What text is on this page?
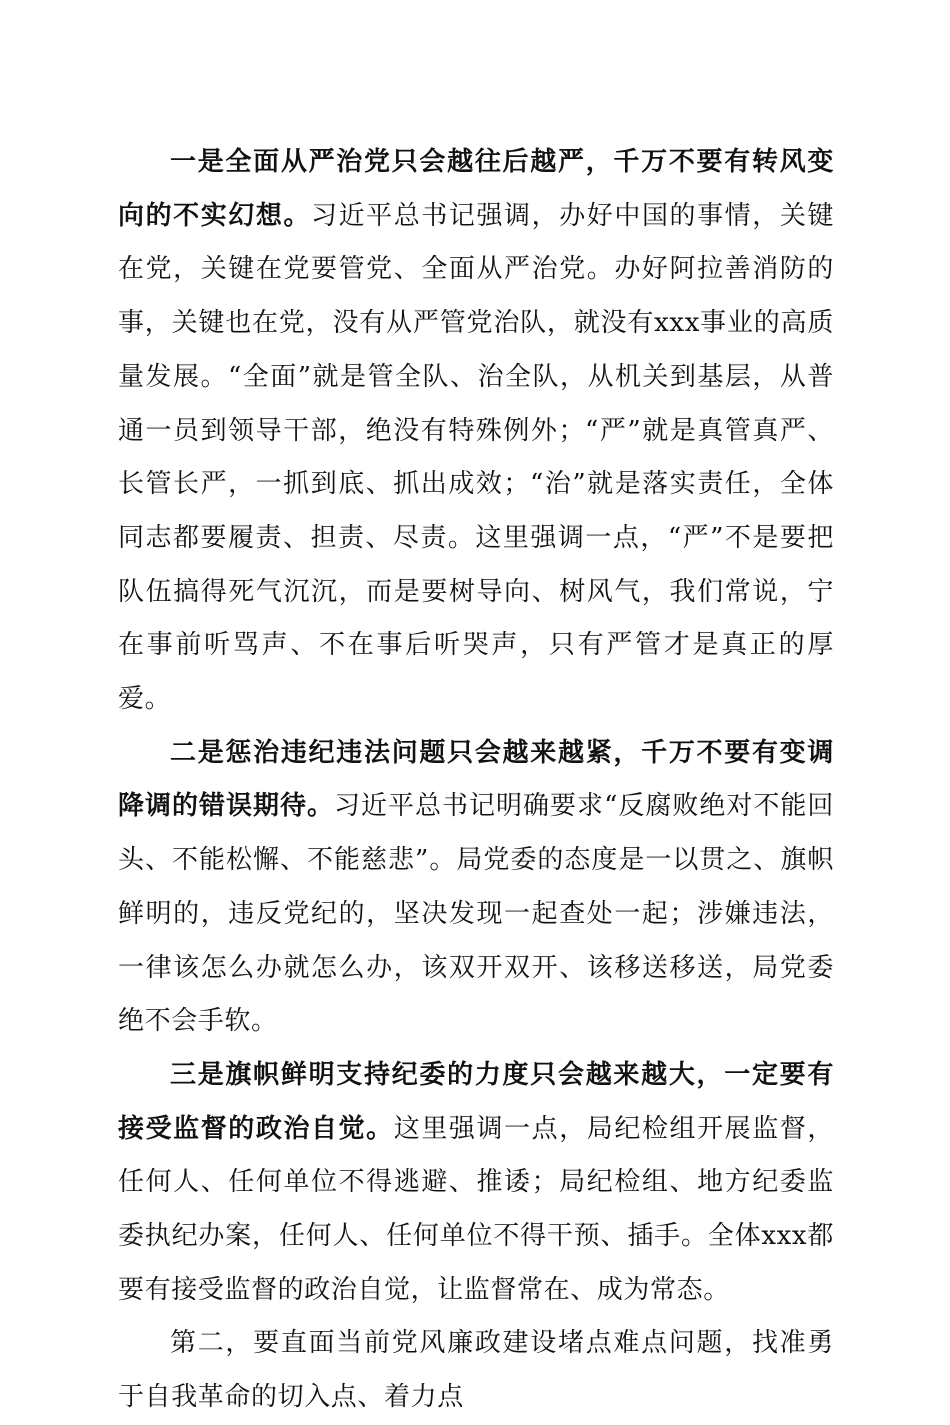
一是全面从严治党只会越往后越严，千万不要有转风变向的不实幻想。习近平总书记强调，办好中国的事情，关键在党，关键在党要管党、全面从严治党。办好阿拉善消防的事，关键也在党，没有从严管党治队，就没有xxx事业的高质量发展。“全面”就是管全队、治全队，从机关到基层，从普通一员到领导干部，绝没有特殊例外；“严”就是真管真严、长管长严，一抓到底、抓出成效；“治”就是落实责任，全体同志都要履责、担责、尽责。这里强调一点，“严”不是要把队伍搞得死气沉沉，而是要树导向、树风气，我们常说，宁在事前听骂声、不在事后听哭声，只有严管才是真正的厚爱。

二是惩治违纪违法问题只会越来越紧，千万不要有变调降调的错误期待。习近平总书记明确要求“反腐败绝对不能回头、不能松懈、不能慈悲”。局党委的态度是一以贯之、旗帜鲜明的，违反党纪的，坚决发现一起查处一起；涉嫌违法，一律该怎么办就怎么办，该双开双开、该移送移送，局党委绝不会手软。

三是旗帜鲜明支持纪委的力度只会越来越大，一定要有接受监督的政治自觉。这里强调一点，局纪检组开展监督，任何人、任何单位不得逃避、推诿；局纪检组、地方纪委监委执纪办案，任何人、任何单位不得干预、插手。全体xxx都要有接受监督的政治自觉，让监督常在、成为常态。

第二，要直面当前党风廉政建设堵点难点问题，找准勇于自我革命的切入点、着力点
